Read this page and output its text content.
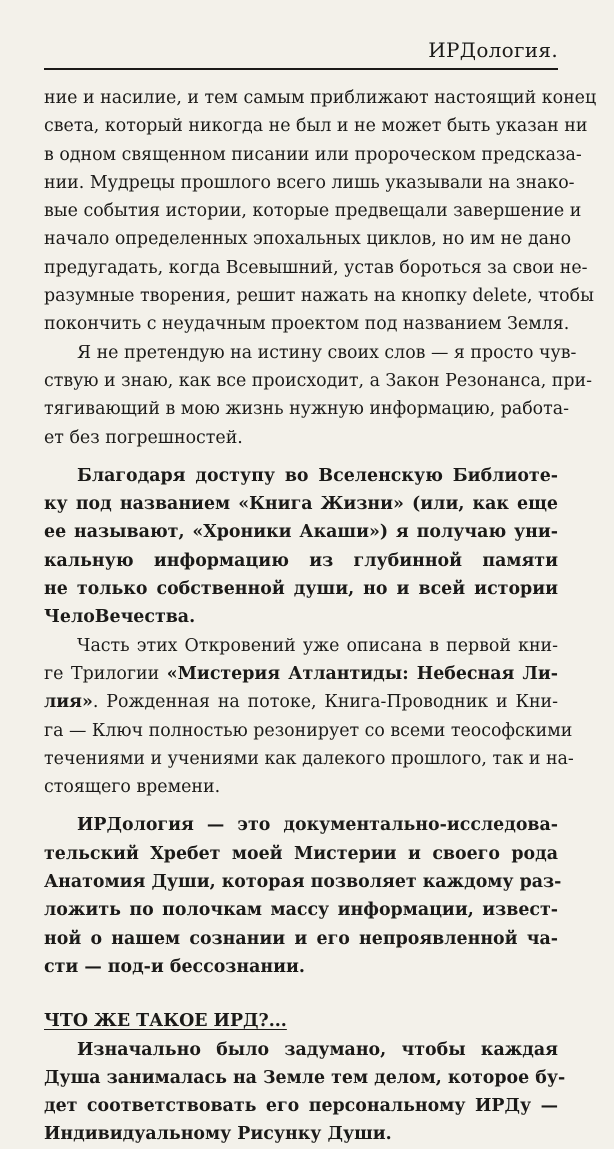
ИРДология.
ние и насилие, и тем самым приближают настоящий конец
света, который никогда не был и не может быть указан ни
в одном священном писании или пророческом предсказа-
нии. Мудрецы прошлого всего лишь указывали на знако-
вые события истории, которые предвещали завершение и
начало определенных эпохальных циклов, но им не дано
предугадать, когда Всевышний, устав бороться за свои не-
разумные творения, решит нажать на кнопку delete, чтобы
покончить с неудачным проектом под названием Земля.
Я не претендую на истину своих слов — я просто чув-
ствую и знаю, как все происходит, а Закон Резонанса, при-
тягивающий в мою жизнь нужную информацию, работа-
ет без погрешностей.
Благодаря доступу во Вселенскую Библиоте-
ку под названием «Книга Жизни» (или, как еще
ее называют, «Хроники Акаши») я получаю уни-
кальную информацию из глубинной памяти
не только собственной души, но и всей истории
ЧелоВечества.
Часть этих Откровений уже описана в первой кни-
ге Трилогии «Мистерия Атлантиды: Небесная Ли-
лия». Рожденная на потоке, Книга-Проводник и Кни-
га — Ключ полностью резонирует со всеми теософскими
течениями и учениями как далекого прошлого, так и на-
стоящего времени.
ИРДология — это документально-исследова-
тельский Хребет моей Мистерии и своего рода
Анатомия Души, которая позволяет каждому раз-
ложить по полочкам массу информации, извест-
ной о нашем сознании и его непроявленной ча-
сти — под-и бессознании.
ЧТО ЖЕ ТАКОЕ ИРД?...
Изначально было задумано, чтобы каждая
Душа занималась на Земле тем делом, которое бу-
дет соответствовать его персональному ИРДу —
Индивидуальному Рисунку Души.
